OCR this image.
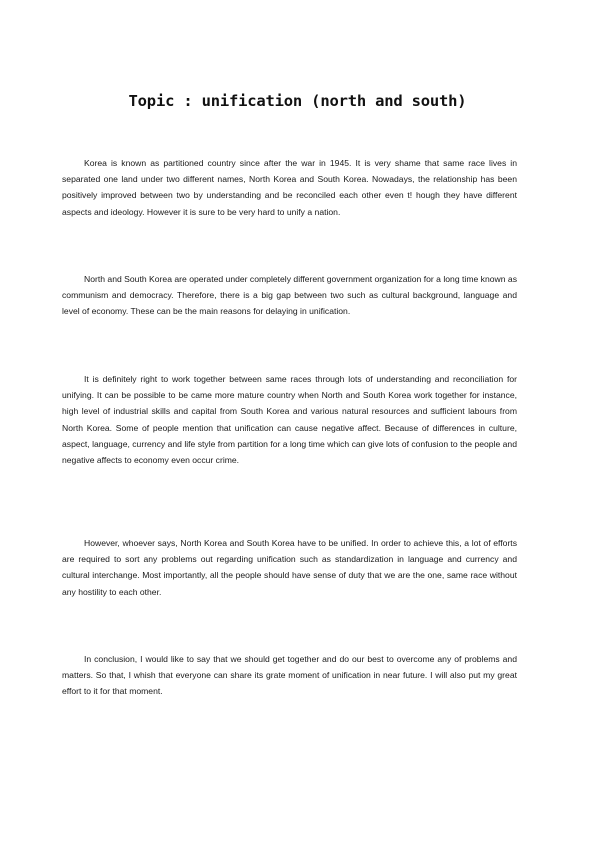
Topic : unification (north and south)

Korea is known as partitioned country since after the war in 1945. It is very shame that same race lives in separated one land under two different names, North Korea and South Korea. Nowadays, the relationship has been positively improved between two by understanding and be reconciled each other even t! hough they have different aspects and ideology. However it is sure to be very hard to unify a nation.

North and South Korea are operated under completely different government organization for a long time known as communism and democracy. Therefore, there is a big gap between two such as cultural background, language and level of economy. These can be the main reasons for delaying in unification.

It is definitely right to work together between same races through lots of understanding and reconciliation for unifying. It can be possible to be came more mature country when North and South Korea work together for instance, high level of industrial skills and capital from South Korea and various natural resources and sufficient labours from North Korea. Some of people mention that unification can cause negative affect. Because of differences in culture, aspect, language, currency and life style from partition for a long time which can give lots of confusion to the people and negative affects to economy even occur crime.

However, whoever says, North Korea and South Korea have to be unified. In order to achieve this, a lot of efforts are required to sort any problems out regarding unification such as standardization in language and currency and cultural interchange. Most importantly, all the people should have sense of duty that we are the one, same race without any hostility to each other.

In conclusion, I would like to say that we should get together and do our best to overcome any of problems and matters. So that, I whish that everyone can share its grate moment of unification in near future. I will also put my great effort to it for that moment.
